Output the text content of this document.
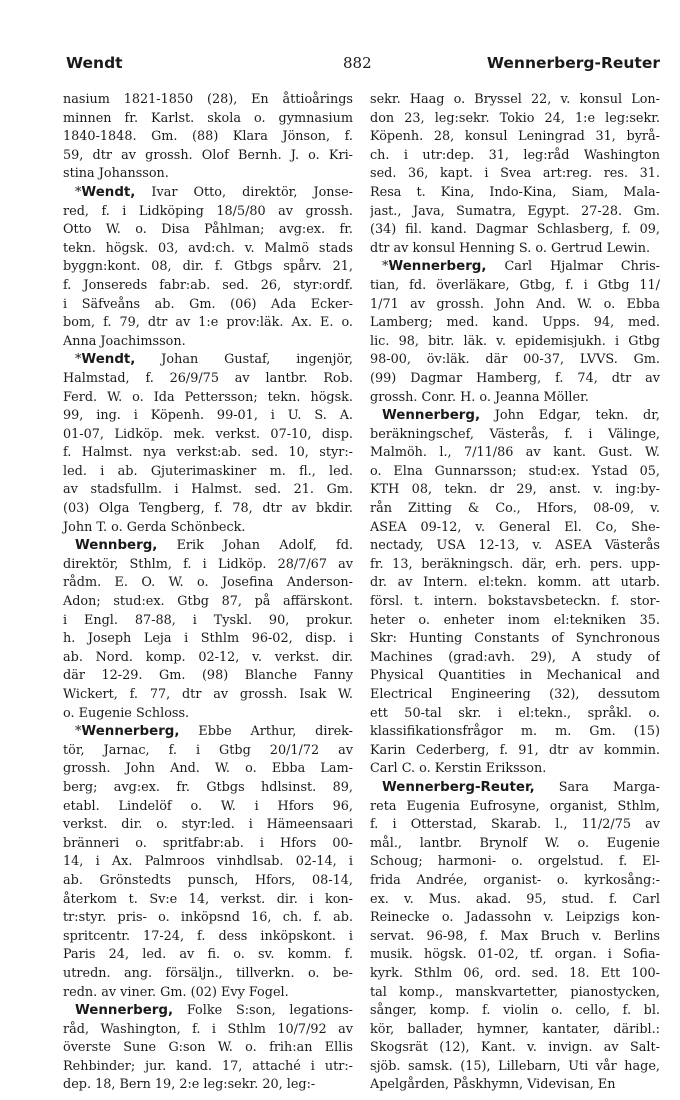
Wendt	882	Wennerberg-Reuter
nasium 1821-1850 (28), En åttioårings
minnen fr. Karlst. skola o. gymnasium
1840-1848. Gm. (88) Klara Jönson, f.
59, dtr av grossh. Olof Bernh. J. o. Kri-
stina Johansson.
*Wendt, Ivar Otto, direktör, Jonse-
red, f. i Lidköping 18/5/80 av grossh.
Otto W. o. Disa Påhlman; avg:ex. fr.
tekn. högsk. 03, avd:ch. v. Malmö stads
byggn:kont. 08, dir. f. Gtbgs spårv. 21,
f. Jonsereds fabr:ab. sed. 26, styr:ordf.
i Säfveåns ab. Gm. (06) Ada Ecker-
bom, f. 79, dtr av 1:e prov:läk. Ax. E. o.
Anna Joachimsson.
*Wendt, Johan Gustaf, ingenjör,
Halmstad, f. 26/9/75 av lantbr. Rob.
Ferd. W. o. Ida Pettersson; tekn. högsk.
99, ing. i Köpenh. 99-01, i U. S. A.
01-07, Lidköp. mek. verkst. 07-10, disp.
f. Halmst. nya verkst:ab. sed. 10, styr:-
led. i ab. Gjuterimaskiner m. fl., led.
av stadsfullm. i Halmst. sed. 21. Gm.
(03) Olga Tengberg, f. 78, dtr av bkdir.
John T. o. Gerda Schönbeck.
Wennberg, Erik Johan Adolf, fd.
direktör, Sthlm, f. i Lidköp. 28/7/67 av
rådm. E. O. W. o. Josefina Anderson-
Adon; stud:ex. Gtbg 87, på affärskont.
i Engl. 87-88, i Tyskl. 90, prokur.
h. Joseph Leja i Sthlm 96-02, disp. i
ab. Nord. komp. 02-12, v. verkst. dir.
där 12-29. Gm. (98) Blanche Fanny
Wickert, f. 77, dtr av grossh. Isak W.
o. Eugenie Schloss.
*Wennerberg, Ebbe Arthur, direk-
tör, Jarnac, f. i Gtbg 20/1/72 av
grossh. John And. W. o. Ebba Lam-
berg; avg:ex. fr. Gtbgs hdlsinst. 89,
etabl. Lindelöf o. W. i Hfors 96,
verkst. dir. o. styr:led. i Hämeensaari
bränneri o. spritfabr:ab. i Hfors 00-
14, i Ax. Palmroos vinhdlsab. 02-14, i
ab. Grönstedts punsch, Hfors, 08-14,
återkom t. Sv:e 14, verkst. dir. i kon-
tr:styr. pris- o. inköpsnd 16, ch. f. ab.
spritcentr. 17-24, f. dess inköpskont. i
Paris 24, led. av fi. o. sv. komm. f.
utredn. ang. försäljn., tillverkn. o. be-
redn. av viner. Gm. (02) Evy Fogel.
Wennerberg, Folke S:son, legations-
råd, Washington, f. i Sthlm 10/7/92 av
överste Sune G:son W. o. frih:an Ellis
Rehbinder; jur. kand. 17, attaché i utr:-
dep. 18, Bern 19, 2:e leg:sekr. 20, leg:-
sekr. Haag o. Bryssel 22, v. konsul Lon-
don 23, leg:sekr. Tokio 24, 1:e leg:sekr.
Köpenh. 28, konsul Leningrad 31, byrå-
ch. i utr:dep. 31, leg:råd Washington
sed. 36, kapt. i Svea art:reg. res. 31.
Resa t. Kina, Indo-Kina, Siam, Mala-
jast., Java, Sumatra, Egypt. 27-28. Gm.
(34) fil. kand. Dagmar Schlasberg, f. 09,
dtr av konsul Henning S. o. Gertrud Lewin.
*Wennerberg, Carl Hjalmar Chris-
tian, fd. överläkare, Gtbg, f. i Gtbg 11/
1/71 av grossh. John And. W. o. Ebba
Lamberg; med. kand. Upps. 94, med.
lic. 98, bitr. läk. v. epidemisjukh. i Gtbg
98-00, öv:läk. där 00-37, LVVS. Gm.
(99) Dagmar Hamberg, f. 74, dtr av
grossh. Conr. H. o. Jeanna Möller.
Wennerberg, John Edgar, tekn. dr,
beräkningschef, Västerås, f. i Välinge,
Malmöh. l., 7/11/86 av kant. Gust. W.
o. Elna Gunnarsson; stud:ex. Ystad 05,
KTH 08, tekn. dr 29, anst. v. ing:by-
rån Zitting & Co., Hfors, 08-09, v.
ASEA 09-12, v. General El. Co, She-
nectady, USA 12-13, v. ASEA Västerås
fr. 13, beräkningsch. där, erh. pers. upp-
dr. av Intern. el:tekn. komm. att utarb.
försl. t. intern. bokstavsbeteckn. f. stor-
heter o. enheter inom el:tekniken 35.
Skr: Hunting Constants of Synchronous
Machines (grad:avh. 29), A study of
Physical Quantities in Mechanical and
Electrical Engineering (32), dessutom
ett 50-tal skr. i el:tekn., språkl. o.
klassifikationsfrågor m. m. Gm. (15)
Karin Cederberg, f. 91, dtr av kommin.
Carl C. o. Kerstin Eriksson.
Wennerberg-Reuter, Sara Marga-
reta Eugenia Eufrosyne, organist, Sthlm,
f. i Otterstad, Skarab. l., 11/2/75 av
mål., lantbr. Brynolf W. o. Eugenie
Schoug; harmoni- o. orgelstud. f. El-
frida Andrée, organist- o. kyrkosång:-
ex. v. Mus. akad. 95, stud. f. Carl
Reinecke o. Jadassohn v. Leipzigs kon-
servat. 96-98, f. Max Bruch v. Berlins
musik. högsk. 01-02, tf. organ. i Sofia-
kyrk. Sthlm 06, ord. sed. 18. Ett 100-
tal komp., manskvartetter, pianostycken,
sånger, komp. f. violin o. cello, f. bl.
kör, ballader, hymner, kantater, däribl.:
Skogsrät (12), Kant. v. invign. av Salt-
sjöb. samsk. (15), Lillebarn, Uti vår hage,
Apelgården, Påskhymn, Videvisan, En
